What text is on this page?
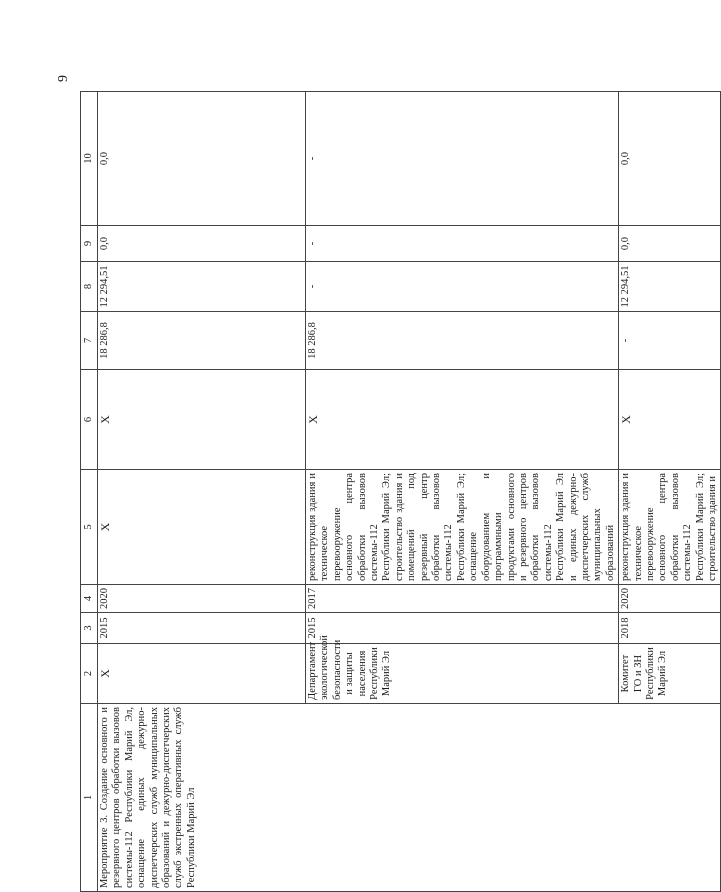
9
1	2	3	4	5	6	7	8	9	10
Мероприятие 3. Создание основного и резервного центров обработки вызовов системы-112 Республики Марий Эл, оснащение единых дежурно-диспетчерских служб муниципальных образований и дежурно-диспетчерских служб экстренных оперативных служб Республики Марий Эл	X	2015	2020	X	X	18 286,8	12 294,51	0,0	0,0
	Департамент экологической безопасности и защиты населения Республики Марий Эл	2015	2017	реконструкция здания и техническое перевооружение основного центра обработки вызовов системы-112 Республики Марий Эл; строительство здания и помещений под резервный центр обработки вызовов системы-112 Республики Марий Эл; оснащение оборудованием и программными продуктами основного и резервного центров обработки вызовов системы-112 Республики Марий Эл и единых дежурно-диспетчерских служб муниципальных образований	X	18 286,8	-	-	-
	Комитет ГО и ЗН Республики Марий Эл	2018	2020	реконструкция здания и техническое перевооружение основного центра обработки вызовов системы-112 Республики Марий Эл; строительство здания и	X	-	12 294,51	0,0	0,0
